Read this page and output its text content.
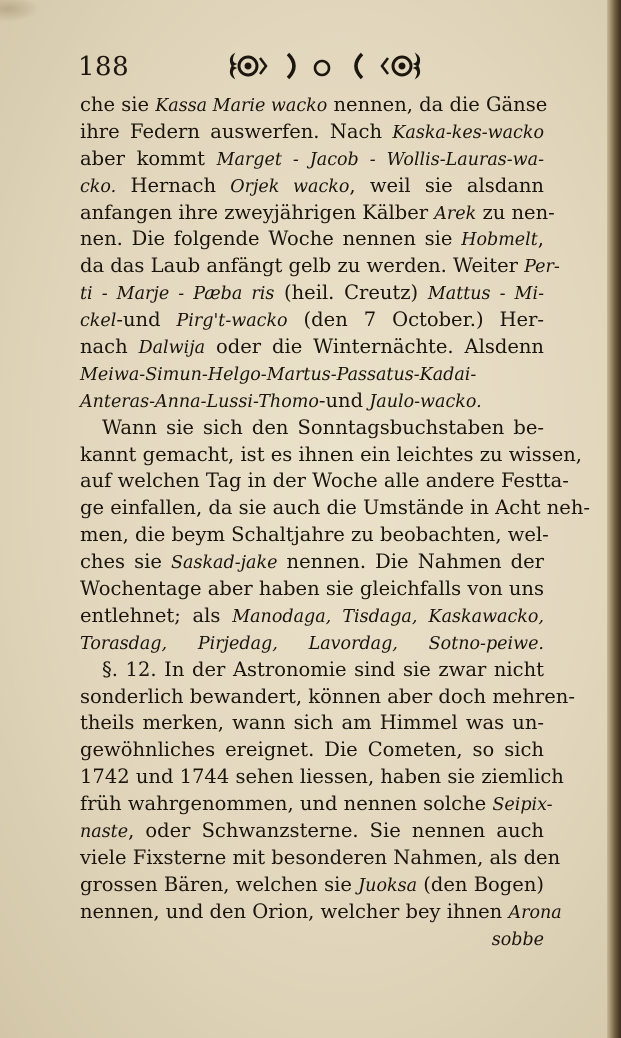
188
che sie Kassa Marie wacko nennen, da die Gänse
ihre Federn auswerfen. Nach Kaska-kes-wacko
aber kommt Marget - Jacob - Wollis-Lauras-wa-
cko. Hernach Orjek wacko, weil sie alsdann
anfangen ihre zweyjährigen Kälber Arek zu nen-
nen. Die folgende Woche nennen sie Hobmelt,
da das Laub anfängt gelb zu werden. Weiter Per-
ti - Marje - Pæba ris (heil. Creutz) Mattus - Mi-
ckel-und Pirg't-wacko (den 7 October.) Her-
nach Dalwija oder die Winternächte. Alsdenn
Meiwa-Simun-Helgo-Martus-Passatus-Kadai-
Anteras-Anna-Lussi-Thomo-und Jaulo-wacko.
Wann sie sich den Sonntagsbuchstaben be-
kannt gemacht, ist es ihnen ein leichtes zu wissen,
auf welchen Tag in der Woche alle andere Festta-
ge einfallen, da sie auch die Umstände in Acht neh-
men, die beym Schaltjahre zu beobachten, wel-
ches sie Saskad-jake nennen. Die Nahmen der
Wochentage aber haben sie gleichfalls von uns
entlehnet; als Manodaga, Tisdaga, Kaskawacko,
Torasdag, Pirjedag, Lavordag, Sotno-peiwe.
§. 12. In der Astronomie sind sie zwar nicht
sonderlich bewandert, können aber doch mehren-
theils merken, wann sich am Himmel was un-
gewöhnliches ereignet. Die Cometen, so sich
1742 und 1744 sehen liessen, haben sie ziemlich
früh wahrgenommen, und nennen solche Seipix-
naste, oder Schwanzsterne. Sie nennen auch
viele Fixsterne mit besonderen Nahmen, als den
grossen Bären, welchen sie Juoksa (den Bogen)
nennen, und den Orion, welcher bey ihnen Arona
sobbe
